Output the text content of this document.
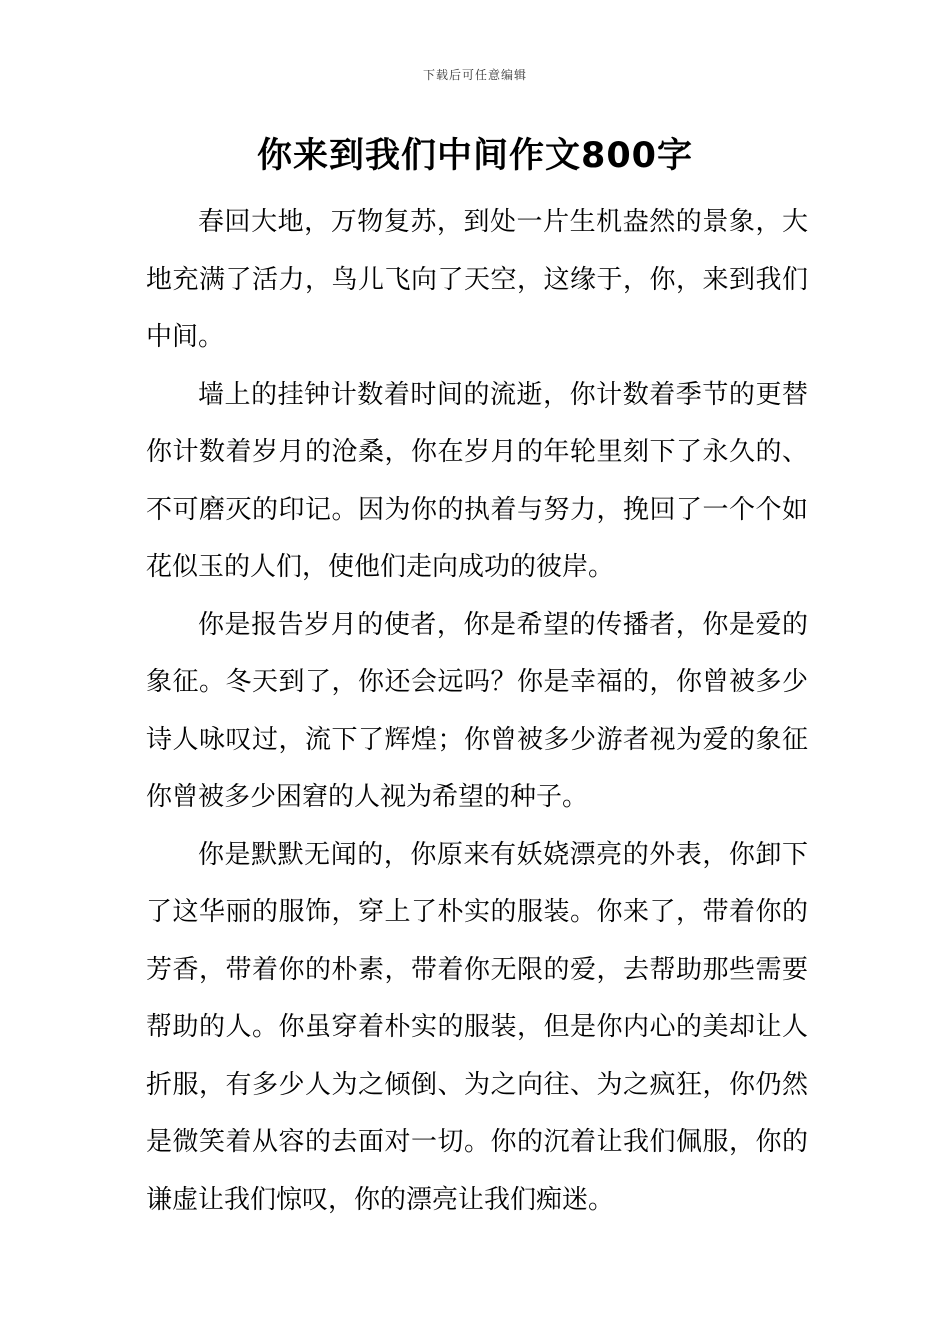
下载后可任意编辑
你来到我们中间作文800字

春回大地，万物复苏，到处一片生机盎然的景象，大地充满了活力，鸟儿飞向了天空，这缘于，你，来到我们中间。

墙上的挂钟计数着时间的流逝，你计数着季节的更替你计数着岁月的沧桑，你在岁月的年轮里刻下了永久的、不可磨灭的印记。因为你的执着与努力，挽回了一个个如花似玉的人们，使他们走向成功的彼岸。

你是报告岁月的使者，你是希望的传播者，你是爱的象征。冬天到了，你还会远吗？你是幸福的，你曾被多少诗人咏叹过，流下了辉煌；你曾被多少游者视为爱的象征你曾被多少困窘的人视为希望的种子。

你是默默无闻的，你原来有妖娆漂亮的外表，你卸下了这华丽的服饰，穿上了朴实的服装。你来了，带着你的芳香，带着你的朴素，带着你无限的爱，去帮助那些需要帮助的人。你虽穿着朴实的服装，但是你内心的美却让人折服，有多少人为之倾倒、为之向往、为之疯狂，你仍然是微笑着从容的去面对一切。你的沉着让我们佩服，你的谦虚让我们惊叹，你的漂亮让我们痴迷。
